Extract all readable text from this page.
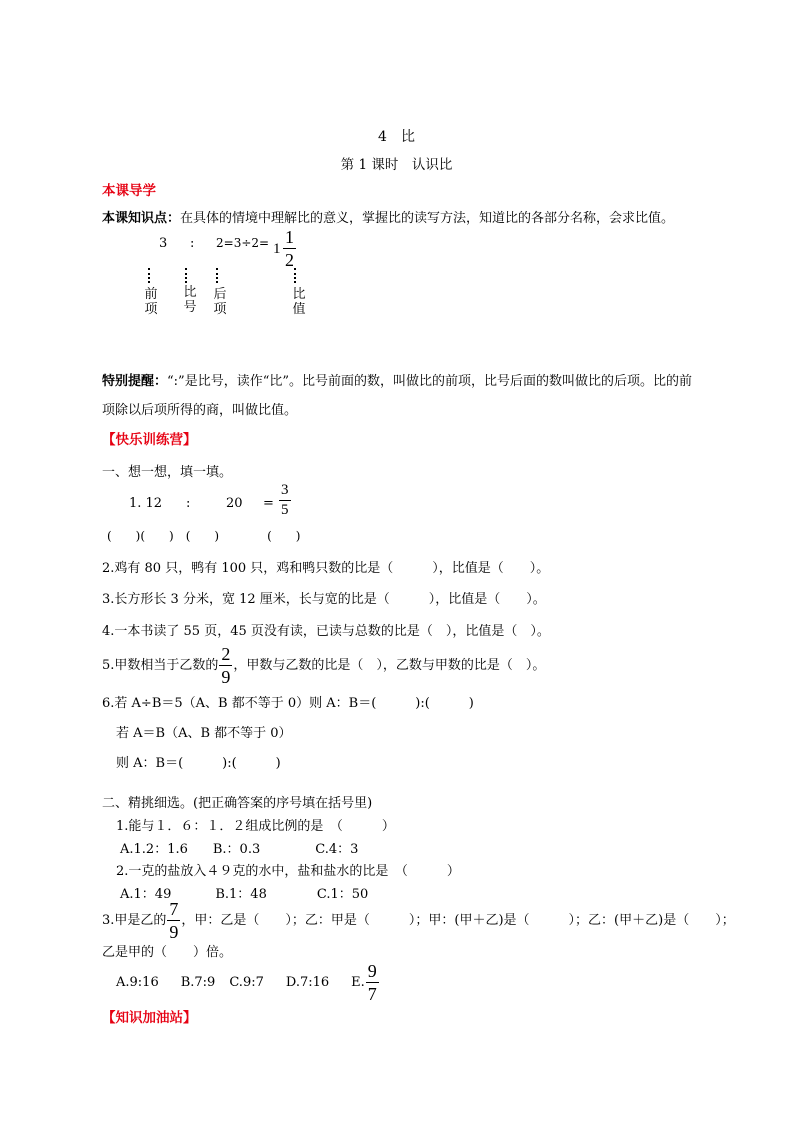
4　比
第 1 课时　认识比
本课导学
本课知识点：在具体的情境中理解比的意义，掌握比的读写方法，知道比的各部分名称，会求比值。
3 : $2=3\div 2= 1 \frac{1}{2}$
前项
比号
后项
比值
特别提醒：“:”是比号，读作“比”。比号前面的数，叫做比的前项，比号后面的数叫做比的后项。比的前
项除以后项所得的商，叫做比值。
【快乐训练营】
一、想一想，填一填。
1. 12 :	$20 = \frac{3}{5}$
(　　)(　　)　(　　)　　　　(　　)
2.鸡有 80 只，鸭有 100 只，鸡和鸭只数的比是（　　　），比值是（　　）。
3.长方形长 3 分米，宽 12 厘米，长与宽的比是（　　　），比值是（　　）。
4.一本书读了 55 页，45 页没有读，已读与总数的比是（　），比值是（　）。
5.甲数相当于乙数的 $\frac{2}{9}$ ，甲数与乙数的比是（　），乙数与甲数的比是（　）。
6.若 A÷B＝5（A、B 都不等于 0）则 A：B＝(　　　):(　　　)
若 A＝B（A、B 都不等于 0）
则 A：B＝(　　　):(　　　)
二、精挑细选。(把正确答案的序号填在括号里)
1.能与１．６：１．２组成比例的是　（　　　）
A.1.2：1.6 B.：0.3	C.4：3
2.一克的盐放入４９克的水中，盐和盐水的比是　（　　　）
A.1：49	B.1：48	C.1：50
3.甲是乙的 $\frac{7}{9}$ ，甲：乙是（　　）；乙：甲是（　　　）；甲：(甲＋乙)是（　　　）；乙：(甲＋乙)是（　　）；
乙是甲的（　　）倍。
A.9:16 B.7:9 C.9:7 D.7:16 E. $\frac{9}{7}$
【知识加油站】
